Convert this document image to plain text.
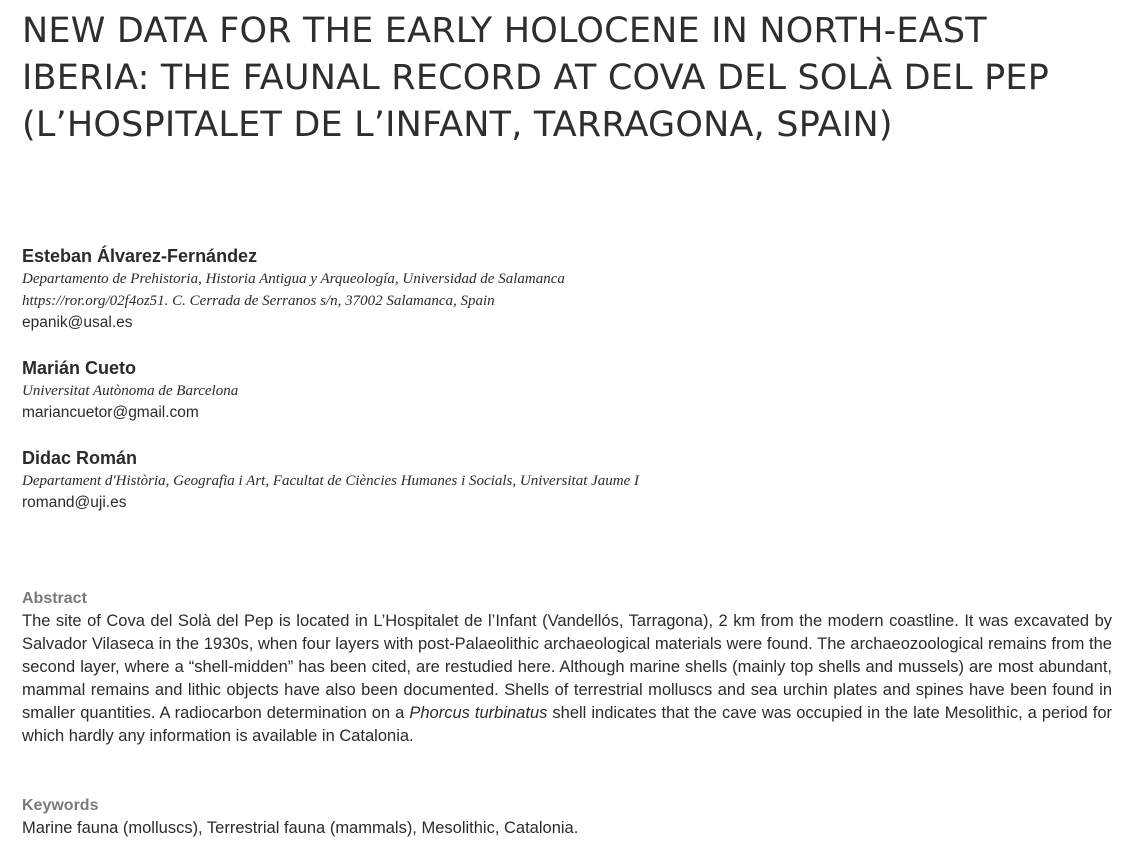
NEW DATA FOR THE EARLY HOLOCENE IN NORTH-EAST IBERIA: THE FAUNAL RECORD AT COVA DEL SOLÀ DEL PEP (L’HOSPITALET DE L’INFANT, TARRAGONA, SPAIN)
Esteban Álvarez-Fernández
Departamento de Prehistoria, Historia Antigua y Arqueología, Universidad de Salamanca
https://ror.org/02f4oz51. C. Cerrada de Serranos s/n, 37002 Salamanca, Spain
epanik@usal.es
Marián Cueto
Universitat Autònoma de Barcelona
mariancuetor@gmail.com
Didac Román
Departament d'Història, Geografia i Art, Facultat de Ciències Humanes i Socials, Universitat Jaume I
romand@uji.es
Abstract

The site of Cova del Solà del Pep is located in L’Hospitalet de l’Infant (Vandellós, Tarragona), 2 km from the modern coastline. It was excavated by Salvador Vilaseca in the 1930s, when four layers with post-Palaeolithic archaeological materials were found. The archaeozoological remains from the second layer, where a “shell-midden” has been cited, are restudied here. Although marine shells (mainly top shells and mussels) are most abundant, mammal remains and lithic objects have also been documented. Shells of terrestrial molluscs and sea urchin plates and spines have been found in smaller quantities. A radiocarbon determination on a Phorcus turbinatus shell indicates that the cave was occupied in the late Mesolithic, a period for which hardly any information is available in Catalonia.

Keywords
Marine fauna (molluscs), Terrestrial fauna (mammals), Mesolithic, Catalonia.
